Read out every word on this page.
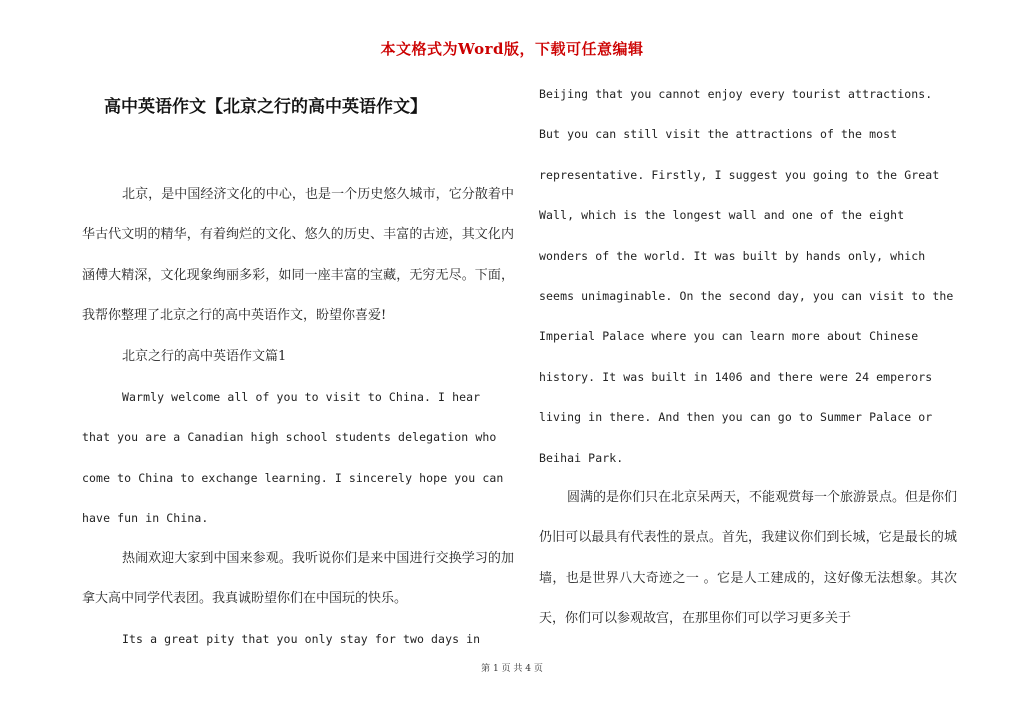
本文格式为Word版，下载可任意编辑
高中英语作文【北京之行的高中英语作文】

北京，是中国经济文化的中心，也是一个历史悠久城市，它分散着中华古代文明的精华，有着绚烂的文化、悠久的历史、丰富的古迹，其文化内涵傅大精深，文化现象绚丽多彩，如同一座丰富的宝藏，无穷无尽。下面，我帮你整理了北京之行的高中英语作文，盼望你喜爱!

北京之行的高中英语作文篇1

Warmly welcome all of you to visit to China. I hear that you are a Canadian high school students delegation who come to China to exchange learning. I sincerely hope you can have fun in China.

热闹欢迎大家到中国来参观。我听说你们是来中国进行交换学习的加拿大高中同学代表团。我真诚盼望你们在中国玩的快乐。

Its a great pity that you only stay for two days in

Beijing that you cannot enjoy every tourist attractions. But you can still visit the attractions of the most representative. Firstly, I suggest you going to the Great Wall, which is the longest wall and one of the eight wonders of the world. It was built by hands only, which seems unimaginable. On the second day, you can visit to the Imperial Palace where you can learn more about Chinese history. It was built in 1406 and there were 24 emperors living in there. And then you can go to Summer Palace or Beihai Park.

圆满的是你们只在北京呆两天，不能观赏每一个旅游景点。但是你们仍旧可以最具有代表性的景点。首先，我建议你们到长城，它是最长的城墙，也是世界八大奇迹之一 。它是人工建成的，这好像无法想象。其次天，你们可以参观故宫，在那里你们可以学习更多关于

第 1 页 共 4 页
